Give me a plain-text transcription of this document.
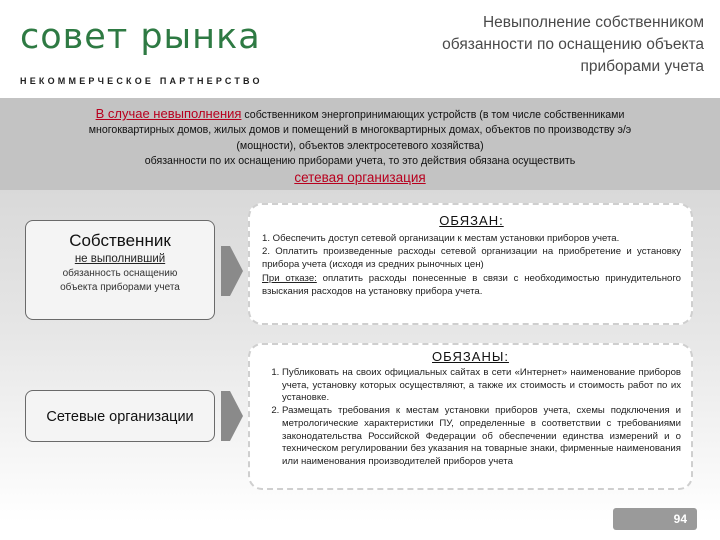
совет рынка
НЕКОММЕРЧЕСКОЕ ПАРТНЕРСТВО
Невыполнение собственником
обязанности по оснащению объекта
приборами учета
В случае невыполнения собственником энергопринимающих устройств (в том числе собственниками
многоквартирных домов, жилых домов и помещений в многоквартирных домах, объектов по производству э/э
(мощности), объектов электросетевого хозяйства)
обязанности по их оснащению приборами учета, то это действия обязана осуществить
сетевая организация
Собственник
не выполнивший
обязанность оснащению объекта приборами учета
Сетевые организации
ОБЯЗАН:

1. Обеспечить доступ сетевой организации к местам установки приборов учета.

2. Оплатить произведенные расходы сетевой организации на приобретение и установку прибора учета (исходя из средних рыночных цен)

При отказе: оплатить расходы понесенные в связи с необходимостью принудительного взыскания расходов на установку прибора учета.

ОБЯЗАНЫ:
1. Публиковать на своих официальных сайтах в сети «Интернет» наименование приборов учета, установку которых осуществляют, а также их стоимость и стоимость работ по их установке.
2. Размещать требования к местам установки приборов учета, схемы подключения и метрологические характеристики ПУ, определенные в соответствии с требованиями законодательства Российской Федерации об обеспечении единства измерений и о техническом регулировании без указания на товарные знаки, фирменные наименования или наименования производителей приборов учета
94
